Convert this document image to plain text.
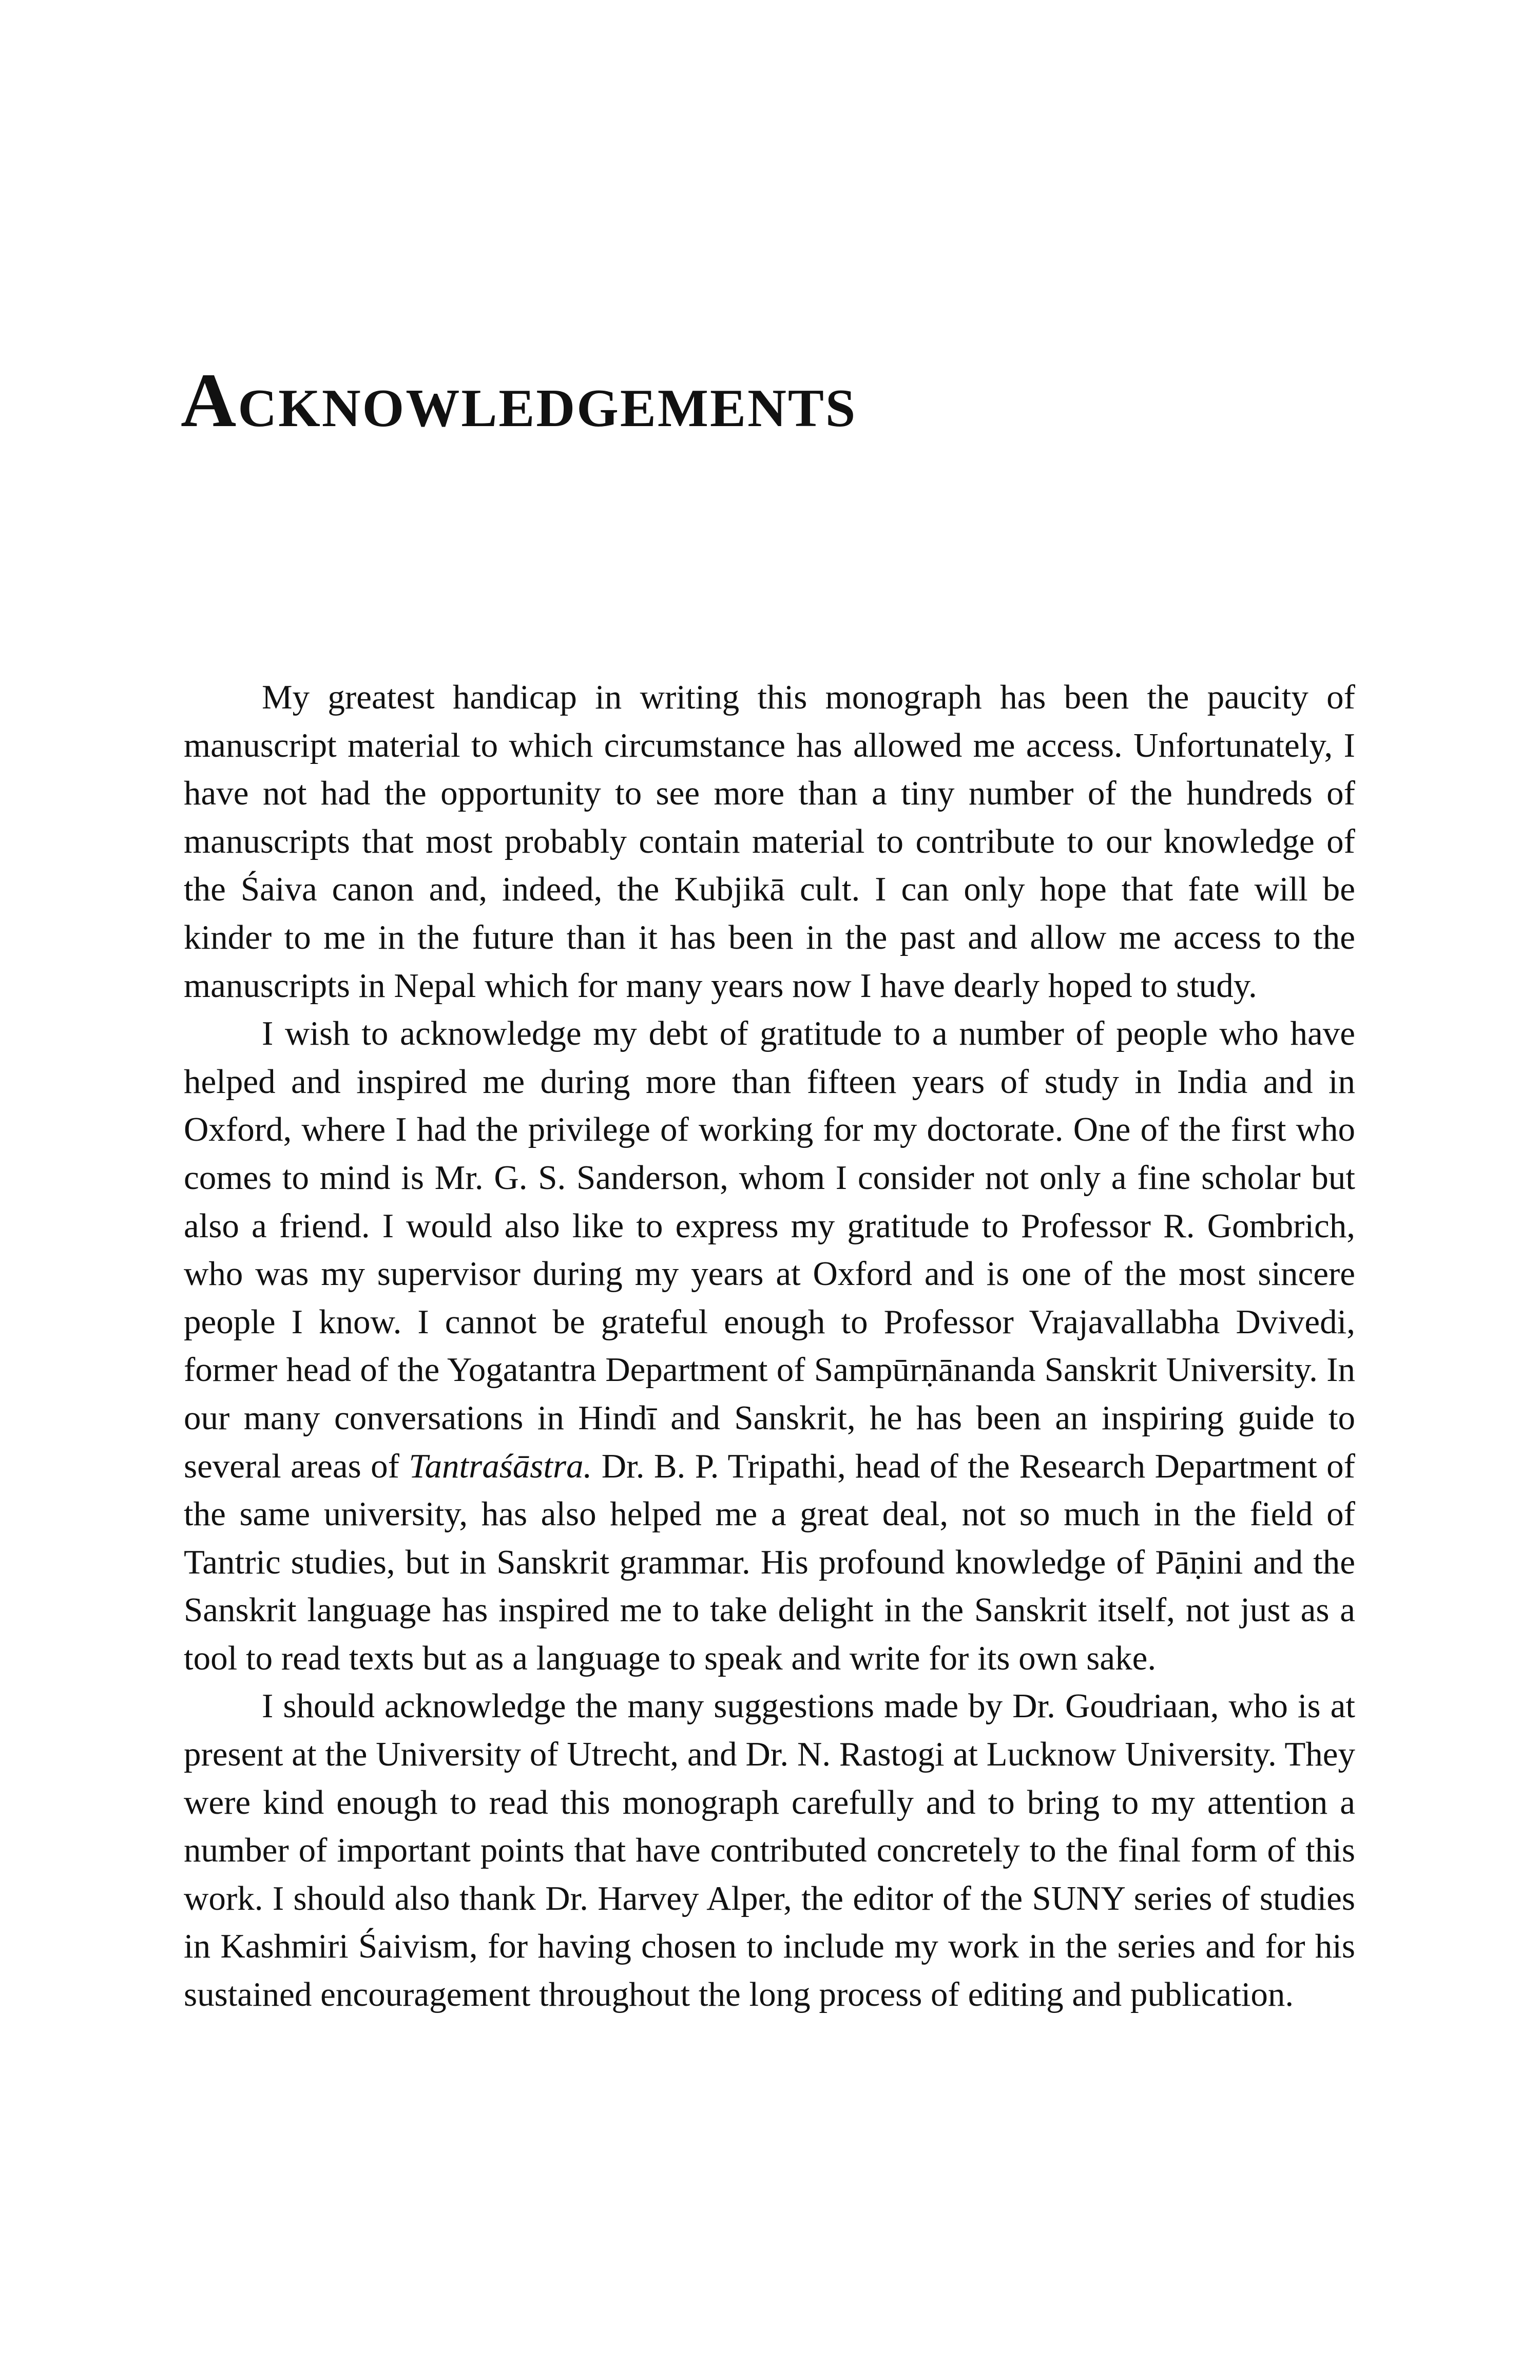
Acknowledgements

My greatest handicap in writing this monograph has been the paucity of manuscript material to which circumstance has allowed me access. Unfortunately, I have not had the opportunity to see more than a tiny number of the hundreds of manuscripts that most probably contain material to contribute to our knowledge of the Śaiva canon and, indeed, the Kubjikā cult. I can only hope that fate will be kinder to me in the future than it has been in the past and allow me access to the manuscripts in Nepal which for many years now I have dearly hoped to study.

I wish to acknowledge my debt of gratitude to a number of people who have helped and inspired me during more than fifteen years of study in India and in Oxford, where I had the privilege of working for my doctorate. One of the first who comes to mind is Mr. G. S. Sanderson, whom I consider not only a fine scholar but also a friend. I would also like to express my gratitude to Professor R. Gombrich, who was my supervisor during my years at Oxford and is one of the most sincere people I know. I cannot be grateful enough to Professor Vrajavallabha Dvivedi, former head of the Yogatantra Department of Sampūrṇānanda Sanskrit University. In our many conversations in Hindī and Sanskrit, he has been an inspiring guide to several areas of Tantraśāstra. Dr. B. P. Tripathi, head of the Research Department of the same university, has also helped me a great deal, not so much in the field of Tantric studies, but in Sanskrit grammar. His profound knowledge of Pāṇini and the Sanskrit language has inspired me to take delight in the Sanskrit itself, not just as a tool to read texts but as a language to speak and write for its own sake.

I should acknowledge the many suggestions made by Dr. Goudriaan, who is at present at the University of Utrecht, and Dr. N. Rastogi at Lucknow University. They were kind enough to read this monograph carefully and to bring to my attention a number of important points that have contributed concretely to the final form of this work. I should also thank Dr. Harvey Alper, the editor of the SUNY series of studies in Kashmiri Śaivism, for having chosen to include my work in the series and for his sustained encouragement throughout the long process of editing and publication.
